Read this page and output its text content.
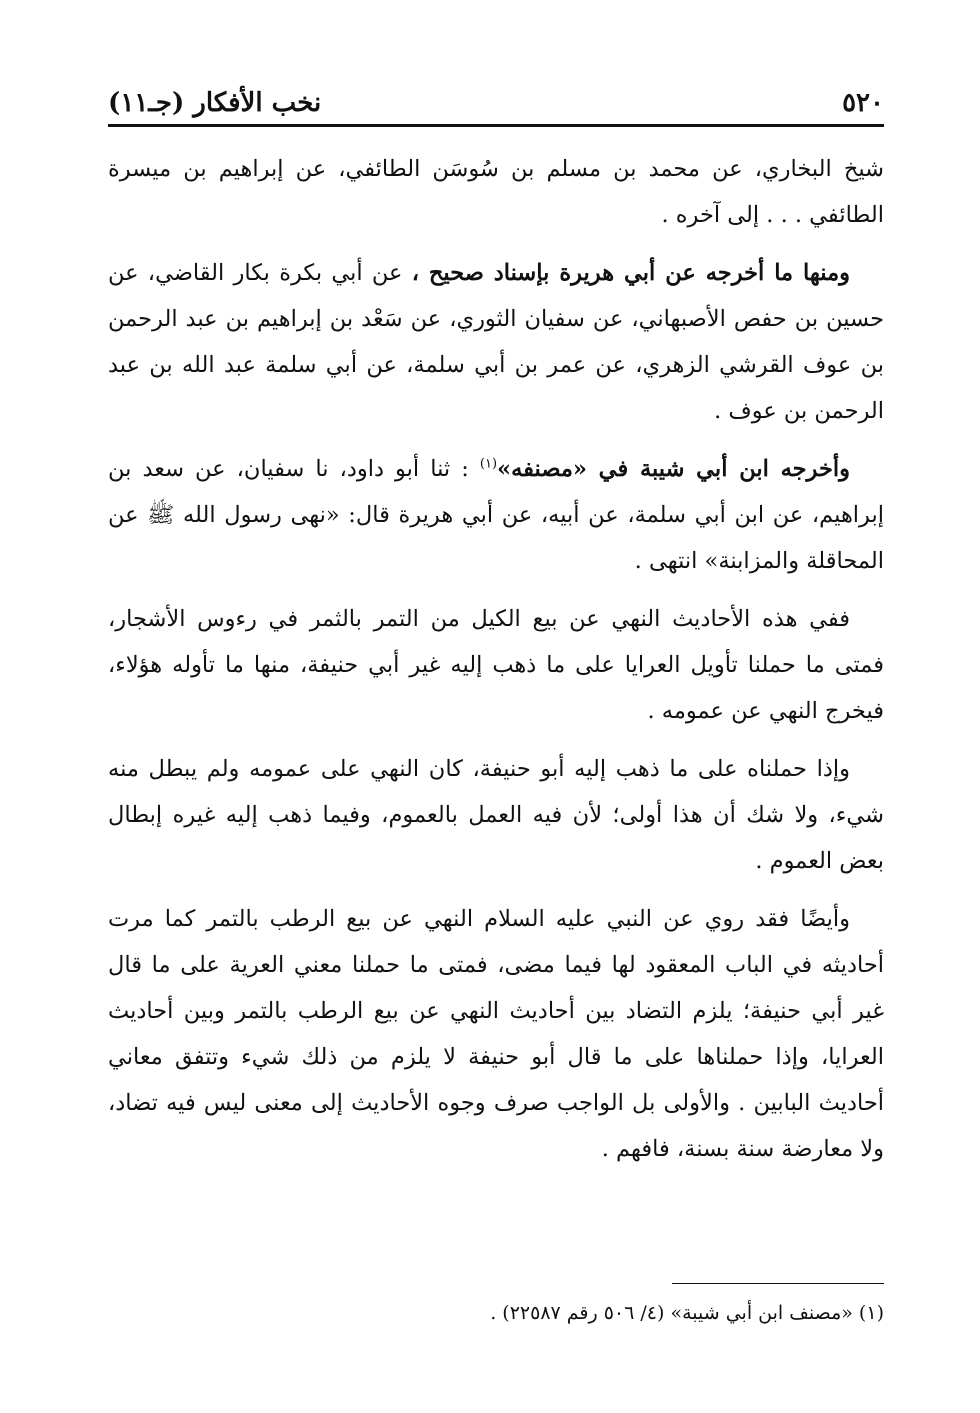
٥٢٠
نخب الأفكار (جـ١١)

شيخ البخاري، عن محمد بن مسلم بن سُوسَن الطائفي، عن إبراهيم بن ميسرة الطائفي . . . إلى آخره .

ومنها ما أخرجه عن أبي هريرة بإسناد صحيح ، عن أبي بكرة بكار القاضي، عن حسين بن حفص الأصبهاني، عن سفيان الثوري، عن سَعْد بن إبراهيم بن عبد الرحمن بن عوف القرشي الزهري، عن عمر بن أبي سلمة، عن أبي سلمة عبد الله بن عبد الرحمن بن عوف .

وأخرجه ابن أبي شيبة في «مصنفه»$^{(١)}$ : ثنا أبو داود، نا سفيان، عن سعد بن إبراهيم، عن ابن أبي سلمة، عن أبيه، عن أبي هريرة قال: «نهى رسول الله ﷺ عن المحاقلة والمزابنة» انتهى .

ففي هذه الأحاديث النهي عن بيع الكيل من التمر بالثمر في رءوس الأشجار، فمتى ما حملنا تأويل العرايا على ما ذهب إليه غير أبي حنيفة، منها ما تأوله هؤلاء، فيخرج النهي عن عمومه .

وإذا حملناه على ما ذهب إليه أبو حنيفة، كان النهي على عمومه ولم يبطل منه شيء، ولا شك أن هذا أولى؛ لأن فيه العمل بالعموم، وفيما ذهب إليه غيره إبطال بعض العموم .

وأيضًا فقد روي عن النبي عليه السلام النهي عن بيع الرطب بالتمر كما مرت أحاديثه في الباب المعقود لها فيما مضى، فمتى ما حملنا معني العرية على ما قال غير أبي حنيفة؛ يلزم التضاد بين أحاديث النهي عن بيع الرطب بالتمر وبين أحاديث العرايا، وإذا حملناها على ما قال أبو حنيفة لا يلزم من ذلك شيء وتتفق معاني أحاديث البابين . والأولى بل الواجب صرف وجوه الأحاديث إلى معنى ليس فيه تضاد، ولا معارضة سنة بسنة، فافهم .

(١) «مصنف ابن أبي شيبة» (٤/ ٥٠٦ رقم ٢٢٥٨٧) .
